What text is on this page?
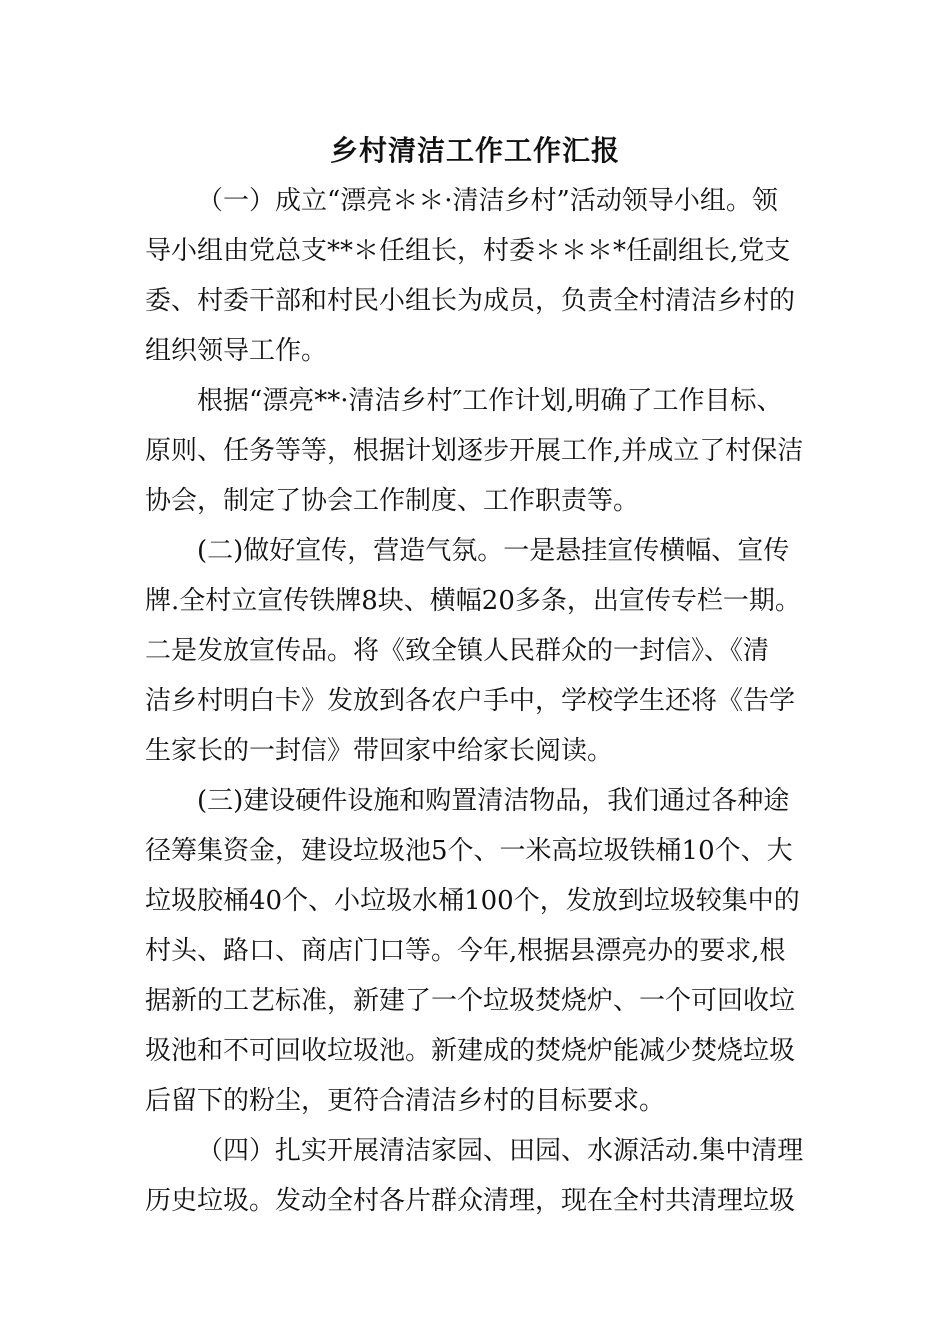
乡村清洁工作工作汇报

（一）成立“漂亮＊＊·清洁乡村”活动领导小组。领
导小组由党总支**＊任组长，村委＊＊＊*任副组长,党支
委、村委干部和村民小组长为成员，负责全村清洁乡村的
组织领导工作。

根据“漂亮**·清洁乡村″工作计划,明确了工作目标、
原则、任务等等，根据计划逐步开展工作,并成立了村保洁
协会，制定了协会工作制度、工作职责等。

(二)做好宣传，营造气氛。一是悬挂宣传横幅、宣传
牌.全村立宣传铁牌8块、横幅20多条，出宣传专栏一期。
二是发放宣传品。将《致全镇人民群众的一封信》、《清
洁乡村明白卡》发放到各农户手中，学校学生还将《告学
生家长的一封信》带回家中给家长阅读。

(三)建设硬件设施和购置清洁物品，我们通过各种途
径筹集资金，建设垃圾池5个、一米高垃圾铁桶10个、大
垃圾胶桶40个、小垃圾水桶100个，发放到垃圾较集中的
村头、路口、商店门口等。今年,根据县漂亮办的要求,根
据新的工艺标准，新建了一个垃圾焚烧炉、一个可回收垃
圾池和不可回收垃圾池。新建成的焚烧炉能减少焚烧垃圾
后留下的粉尘，更符合清洁乡村的目标要求。

（四）扎实开展清洁家园、田园、水源活动.集中清理
历史垃圾。发动全村各片群众清理，现在全村共清理垃圾
